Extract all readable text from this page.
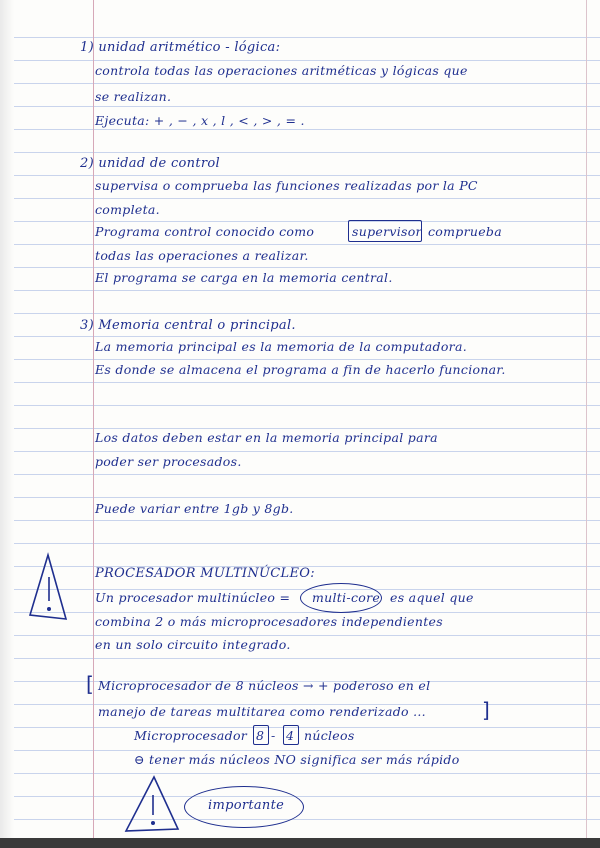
1) unidad aritmético - lógica:
controla todas las operaciones aritméticas y lógicas que
se realizan.
Ejecuta: + , − , x , l , < , > , = .
2) unidad de control
supervisa o comprueba las funciones realizadas por la PC
completa.
Programa control conocido como	supervisor comprueba
todas las operaciones a realizar.
El programa se carga en la memoria central.
3) Memoria central o principal.
La memoria principal es la memoria de la computadora.
Es donde se almacena el programa a fin de hacerlo funcionar.
Los datos deben estar en la memoria principal para
poder ser procesados.
Puede variar entre 1gb y 8gb.
PROCESADOR MULTINÚCLEO:
Un procesador multinúcleo = multi-core es aquel que
combina 2 o más microprocesadores independientes
en un solo circuito integrado.
[ Microprocesador de 8 núcleos → + poderoso en el
manejo de tareas multitarea como renderizado ...	]
Microprocesador 8 - 4 núcleos
⊖ tener más núcleos NO significa ser más rápido
importante
